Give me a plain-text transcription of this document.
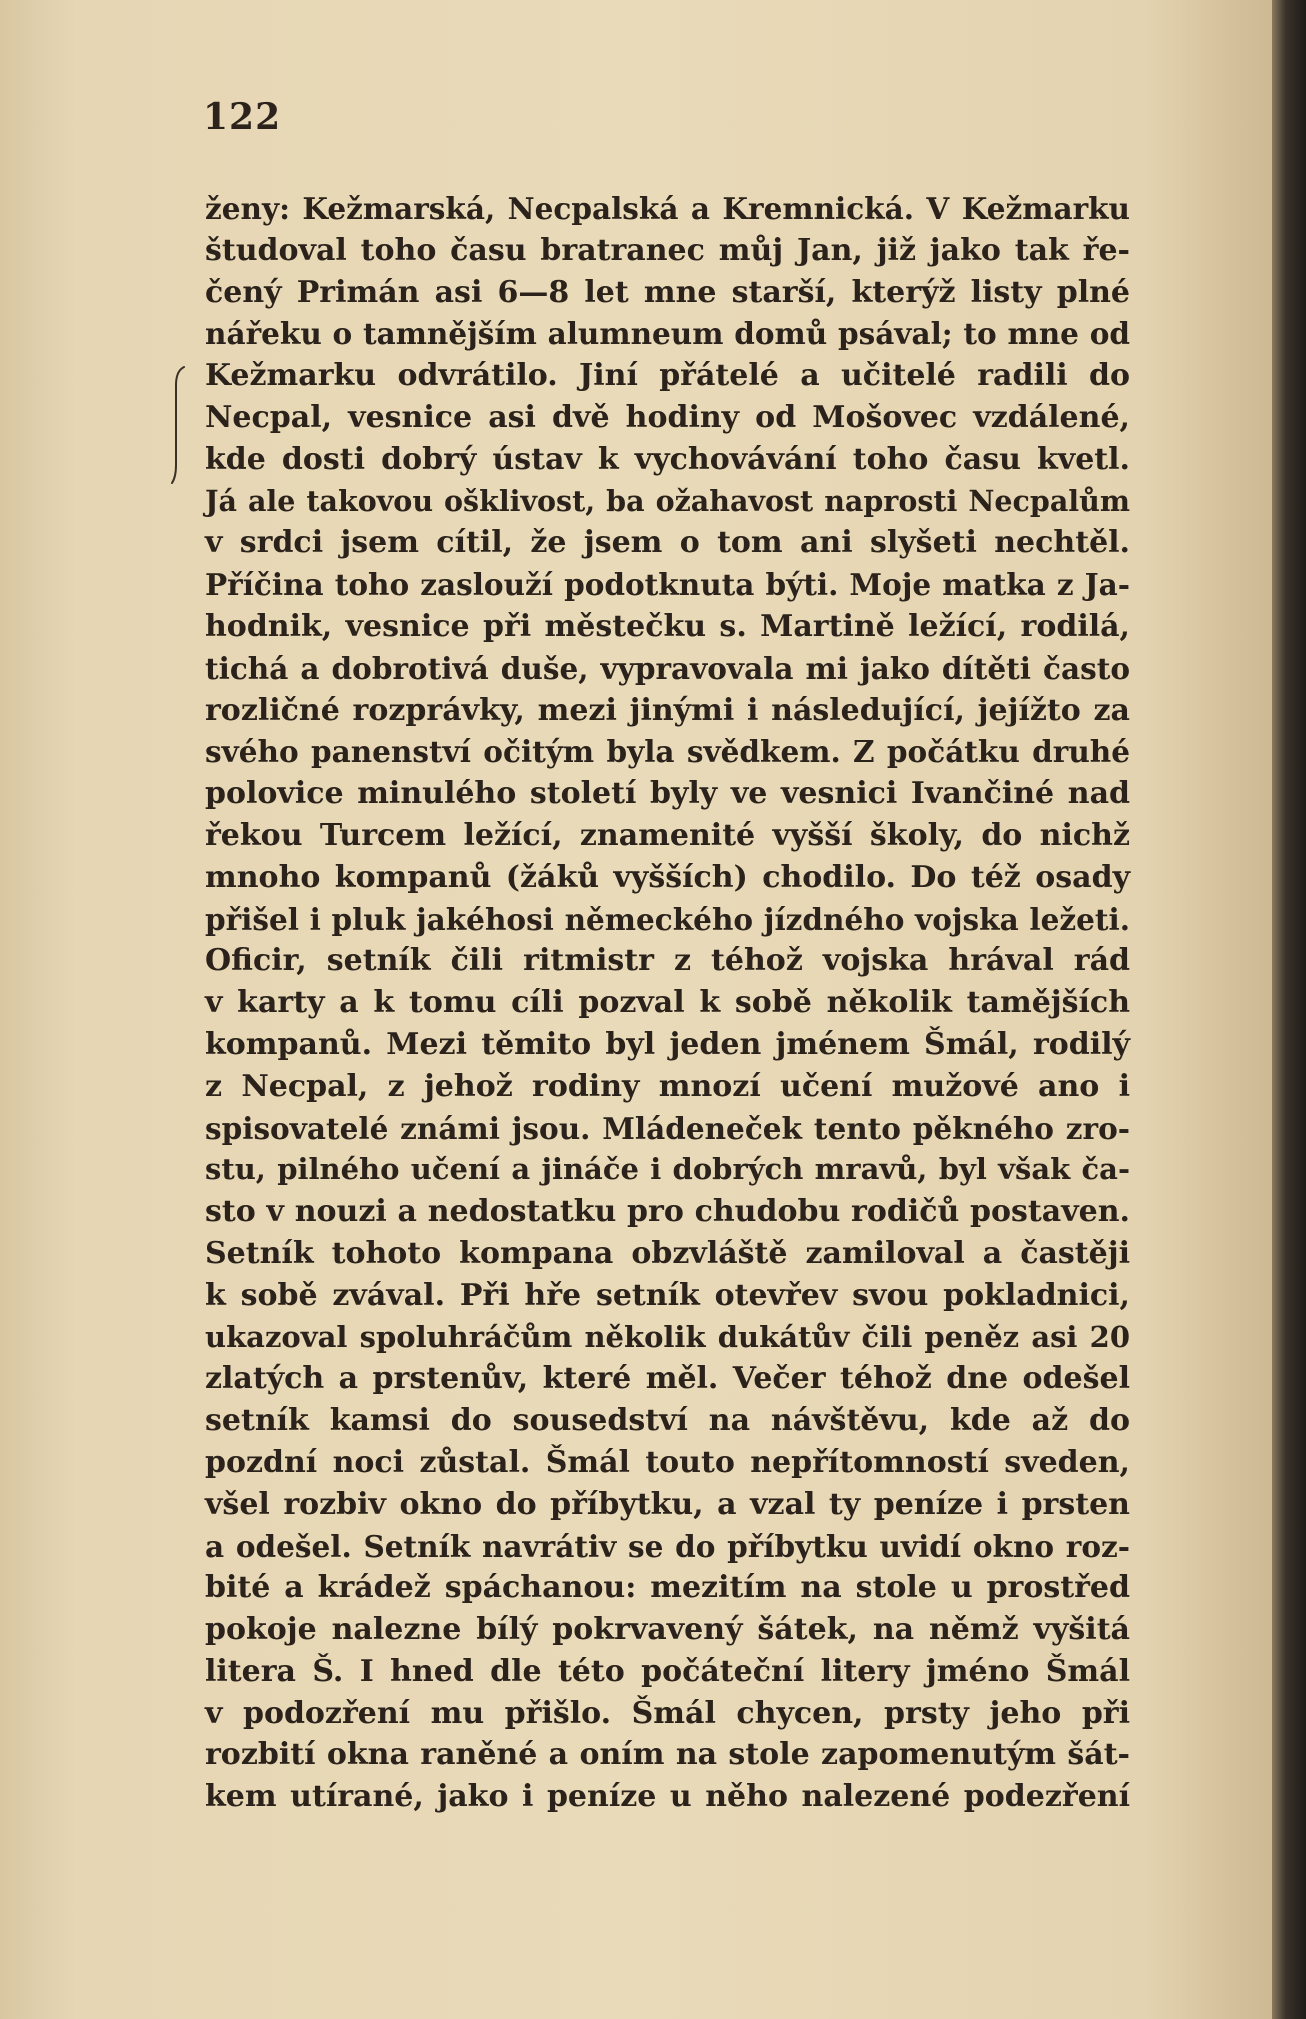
122
ženy: Kežmarská, Necpalská a Kremnická. V Kežmarku
študoval toho času bratranec můj Jan, již jako tak ře-
čený Primán asi 6—8 let mne starší, kterýž listy plné
nářeku o tamnějším alumneum domů psával; to mne od
Kežmarku odvrátilo. Jiní přátelé a učitelé radili do
Necpal, vesnice asi dvě hodiny od Mošovec vzdálené,
kde dosti dobrý ústav k vychovávání toho času kvetl.
Já ale takovou ošklivost, ba ožahavost naprosti Necpalům
v srdci jsem cítil, že jsem o tom ani slyšeti nechtěl.
Příčina toho zaslouží podotknuta býti. Moje matka z Ja-
hodnik, vesnice při městečku s. Martině ležící, rodilá,
tichá a dobrotivá duše, vypravovala mi jako dítěti často
rozličné rozprávky, mezi jinými i následující, jejížto za
svého panenství očitým byla svědkem. Z počátku druhé
polovice minulého století byly ve vesnici Ivančiné nad
řekou Turcem ležící, znamenité vyšší školy, do nichž
mnoho kompanů (žáků vyšších) chodilo. Do též osady
přišel i pluk jakéhosi německého jízdného vojska ležeti.
Oficir, setník čili ritmistr z téhož vojska hrával rád
v karty a k tomu cíli pozval k sobě několik tamějších
kompanů. Mezi těmito byl jeden jménem Šmál, rodilý
z Necpal, z jehož rodiny mnozí učení mužové ano i
spisovatelé známi jsou. Mládeneček tento pěkného zro-
stu, pilného učení a jináče i dobrých mravů, byl však ča-
sto v nouzi a nedostatku pro chudobu rodičů postaven.
Setník tohoto kompana obzvláště zamiloval a častěji
k sobě zvával. Při hře setník otevřev svou pokladnici,
ukazoval spoluhráčům několik dukátův čili peněz asi 20
zlatých a prstenův, které měl. Večer téhož dne odešel
setník kamsi do sousedství na návštěvu, kde až do
pozdní noci zůstal. Šmál touto nepřítomností sveden,
všel rozbiv okno do příbytku, a vzal ty peníze i prsten
a odešel. Setník navrátiv se do příbytku uvidí okno roz-
bité a krádež spáchanou: mezitím na stole u prostřed
pokoje nalezne bílý pokrvavený šátek, na němž vyšitá
litera Š. I hned dle této počáteční litery jméno Šmál
v podozření mu přišlo. Šmál chycen, prsty jeho při
rozbití okna raněné a oním na stole zapomenutým šát-
kem utírané, jako i peníze u něho nalezené podezření
